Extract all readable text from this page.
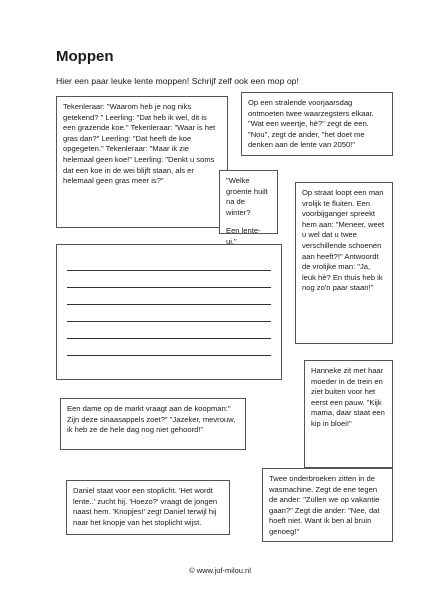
Moppen
Hier een paar leuke lente moppen! Schrijf zelf ook een mop op!

Tekenleraar: "Waarom heb je nog niks getekend? " Leerling: "Dat heb ik wel, dit is een grazende koe." Tekenleraar: "Waar is het gras dan?" Leerling: "Dat heeft de koe opgegeten." Tekenleraar: "Maar ik zie helemaal geen koe!" Leerling: "Denkt u soms dat een koe in de wei blijft staan, als er helemaal geen gras meer is?"

Op een stralende voorjaarsdag ontmoeten twee waarzegsters elkaar. "Wat een weertje, hè?" zegt de een. "Nou", zegt de ander, "het doet me denken aan de lente van 2050!"

"Welke groente huilt na de winter?

Een lente-ui."

Op straat loopt een man vrolijk te fluiten. Een voorbijganger spreekt hem aan: "Meneer, weet u wel dat u twee verschillende schoenen aan heeft?!" Antwoordt de vrolijke man: "Ja, leuk hè? En thuis heb ik nog zo'n paar staan!"

Hanneke zit met haar moeder in de trein en ziet buiten voor het eerst een pauw. "Kijk mama, daar staat een kip in bloei!"

Een dame op de markt vraagt aan de koopman:" Zijn deze sinaasappels zoet?" "Jazeker, mevrouw, ik heb ze de hele dag nog niet gehoord!"

Daniel staat voor een stoplicht. 'Het wordt lente..' zucht hij. 'Hoezo?' vraagt de jongen naast hem. 'Knopjes!' zegt Daniel terwijl hij naar het knopje van het stoplicht wijst.

Twee onderbroeken zitten in de wasmachine. Zegt de ene tegen de ander: "Zullen we op vakantie gaan?" Zegt die ander: "Nee, dat hoeft niet. Want ik ben al bruin genoeg!"

© www.juf-milou.nl
